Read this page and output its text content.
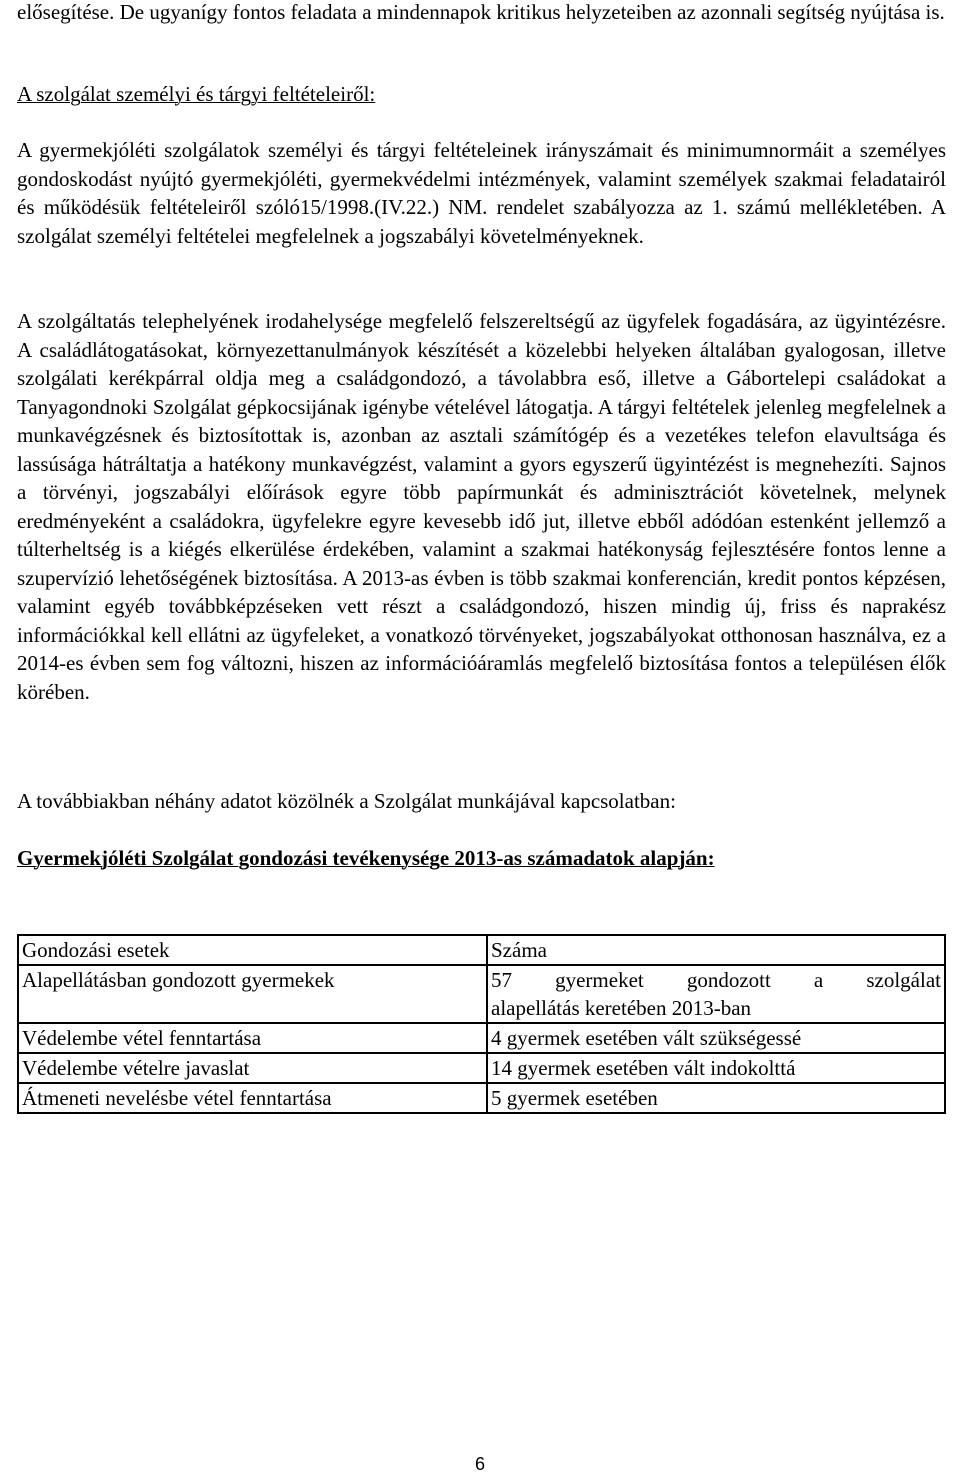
elősegítése. De ugyanígy fontos feladata a mindennapok kritikus helyzeteiben az azonnali segítség nyújtása is.

A szolgálat személyi és tárgyi feltételeiről:

A gyermekjóléti szolgálatok személyi és tárgyi feltételeinek irányszámait és minimumnormáit a személyes gondoskodást nyújtó gyermekjóléti, gyermekvédelmi intézmények, valamint személyek szakmai feladatairól és működésük feltételeiről szóló15/1998.(IV.22.) NM. rendelet szabályozza az 1. számú mellékletében. A szolgálat személyi feltételei megfelelnek a jogszabályi követelményeknek.

A szolgáltatás telephelyének irodahelysége megfelelő felszereltségű az ügyfelek fogadására, az ügyintézésre. A családlátogatásokat, környezettanulmányok készítését a közelebbi helyeken általában gyalogosan, illetve szolgálati kerékpárral oldja meg a családgondozó, a távolabbra eső, illetve a Gábortelepi családokat a Tanyagondnoki Szolgálat gépkocsijának igénybe vételével látogatja. A tárgyi feltételek jelenleg megfelelnek a munkavégzésnek és biztosítottak is, azonban az asztali számítógép és a vezetékes telefon elavultsága és lassúsága hátráltatja a hatékony munkavégzést, valamint a gyors egyszerű ügyintézést is megnehezíti. Sajnos a törvényi, jogszabályi előírások egyre több papírmunkát és adminisztrációt követelnek, melynek eredményeként a családokra, ügyfelekre egyre kevesebb idő jut, illetve ebből adódóan estenként jellemző a túlterheltség is a kiégés elkerülése érdekében, valamint a szakmai hatékonyság fejlesztésére fontos lenne a szupervízió lehetőségének biztosítása. A 2013-as évben is több szakmai konferencián, kredit pontos képzésen, valamint egyéb továbbképzéseken vett részt a családgondozó, hiszen mindig új, friss és naprakész információkkal kell ellátni az ügyfeleket, a vonatkozó törvényeket, jogszabályokat otthonosan használva, ez a 2014-es évben sem fog változni, hiszen az információáramlás megfelelő biztosítása fontos a településen élők körében.

A továbbiakban néhány adatot közölnék a Szolgálat munkájával kapcsolatban:

Gyermekjóléti Szolgálat gondozási tevékenysége 2013-as számadatok alapján:
Gondozási esetek	Száma
Alapellátásban gondozott gyermekek	57 gyermeket gondozott a szolgálat
alapellátás keretében 2013-ban
Védelembe vétel fenntartása	4 gyermek esetében vált szükségessé
Védelembe vételre javaslat	14 gyermek esetében vált indokolttá
Átmeneti nevelésbe vétel fenntartása	5 gyermek esetében
6
